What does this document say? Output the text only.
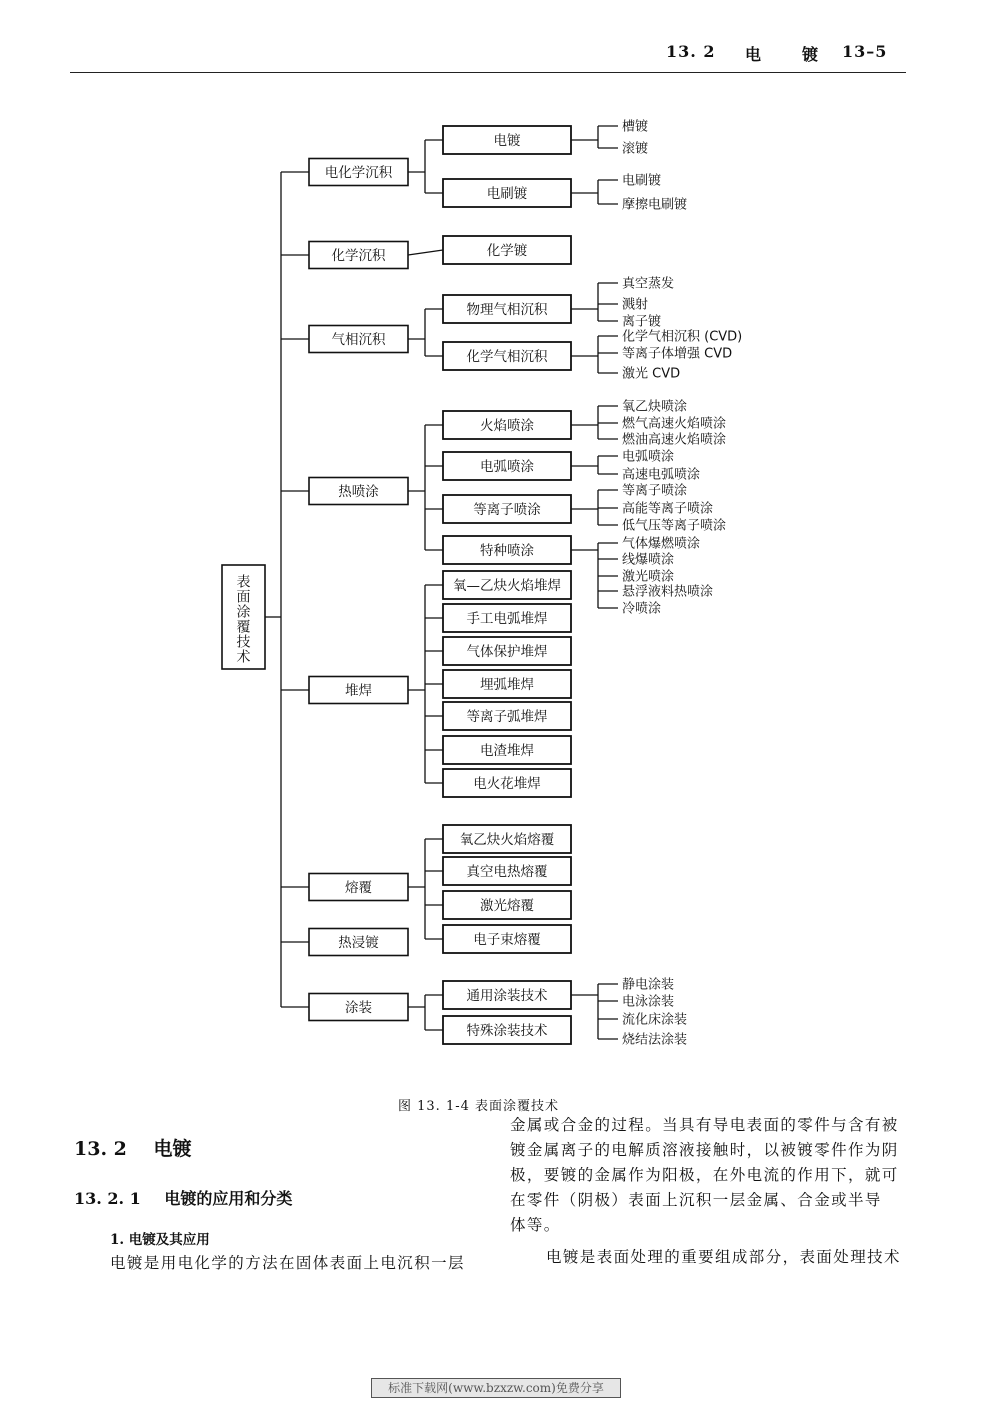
13. 2 电 镀 13–5
表
面
涂
覆
技
术
电化学沉积
化学沉积
气相沉积
热喷涂
堆焊
熔覆
热浸镀
涂装
电镀
电刷镀
化学镀
物理气相沉积
化学气相沉积
火焰喷涂
电弧喷涂
等离子喷涂
特种喷涂
氧—乙炔火焰堆焊
手工电弧堆焊
气体保护堆焊
埋弧堆焊
等离子弧堆焊
电渣堆焊
电火花堆焊
氧乙炔火焰熔覆
真空电热熔覆
激光熔覆
电子束熔覆
通用涂装技术
特殊涂装技术
槽镀
滚镀
电刷镀
摩擦电刷镀
真空蒸发
溅射
离子镀
化学气相沉积 (CVD)
等离子体增强 CVD
激光 CVD
氧乙炔喷涂
燃气高速火焰喷涂
燃油高速火焰喷涂
电弧喷涂
高速电弧喷涂
等离子喷涂
高能等离子喷涂
低气压等离子喷涂
气体爆燃喷涂
线爆喷涂
激光喷涂
悬浮液料热喷涂
冷喷涂
静电涂装
电泳涂装
流化床涂装
烧结法涂装
图 13. 1-4 表面涂覆技术
13. 2 电镀
13. 2. 1 电镀的应用和分类
1. 电镀及其应用
电镀是用电化学的方法在固体表面上电沉积一层
金属或合金的过程。当具有导电表面的零件与含有被
镀金属离子的电解质溶液接触时，以被镀零件作为阴
极，要镀的金属作为阳极，在外电流的作用下，就可
在零件（阴极）表面上沉积一层金属、合金或半导
体等。
电镀是表面处理的重要组成部分，表面处理技术
标准下载网(www.bzxzw.com)免费分享
